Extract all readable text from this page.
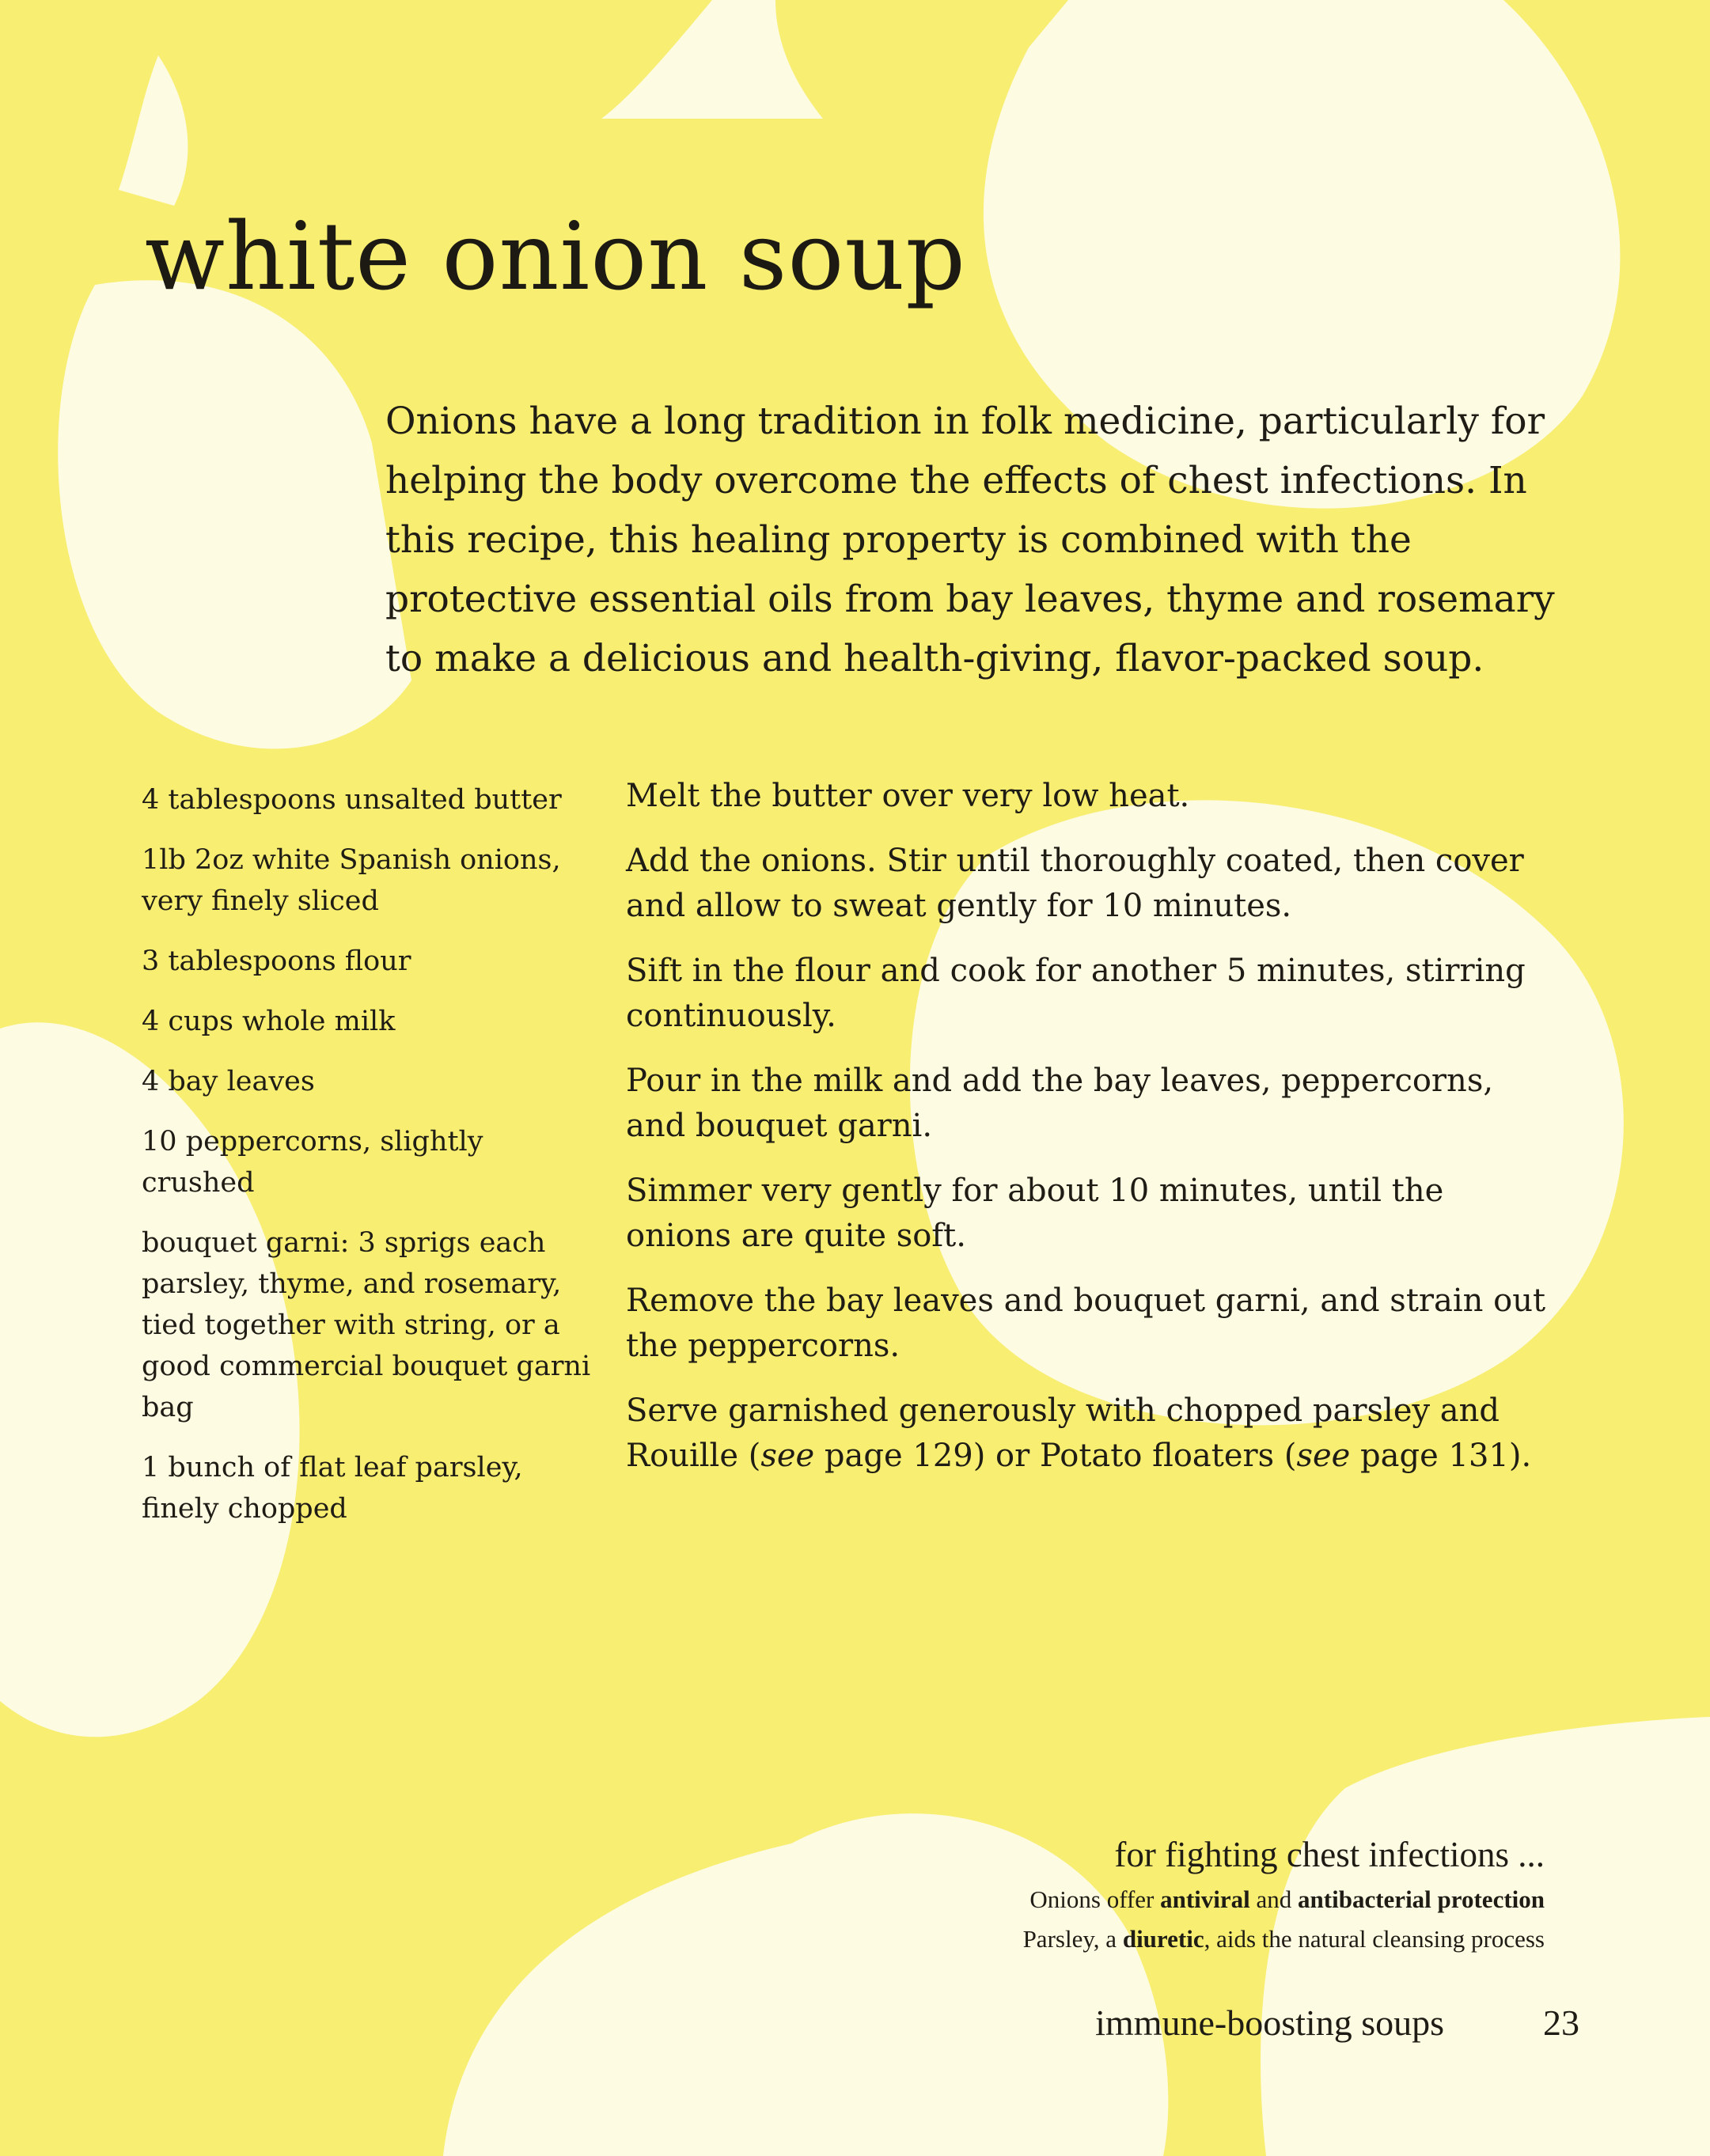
white onion soup
Onions have a long tradition in folk medicine, particularly for helping the body overcome the effects of chest infections. In this recipe, this healing property is combined with the protective essential oils from bay leaves, thyme and rosemary to make a delicious and health-giving, flavor-packed soup.
4 tablespoons unsalted butter
1lb 2oz white Spanish onions, very finely sliced
3 tablespoons flour
4 cups whole milk
4 bay leaves
10 peppercorns, slightly crushed
bouquet garni: 3 sprigs each parsley, thyme, and rosemary, tied together with string, or a good commercial bouquet garni bag
1 bunch of flat leaf parsley, finely chopped
Melt the butter over very low heat.
Add the onions. Stir until thoroughly coated, then cover and allow to sweat gently for 10 minutes.
Sift in the flour and cook for another 5 minutes, stirring continuously.
Pour in the milk and add the bay leaves, peppercorns, and bouquet garni.
Simmer very gently for about 10 minutes, until the onions are quite soft.
Remove the bay leaves and bouquet garni, and strain out the peppercorns.
Serve garnished generously with chopped parsley and Rouille (see page 129) or Potato floaters (see page 131).
for fighting chest infections ...
Onions offer antiviral and antibacterial protection
Parsley, a diuretic, aids the natural cleansing process
immune-boosting soups	23
